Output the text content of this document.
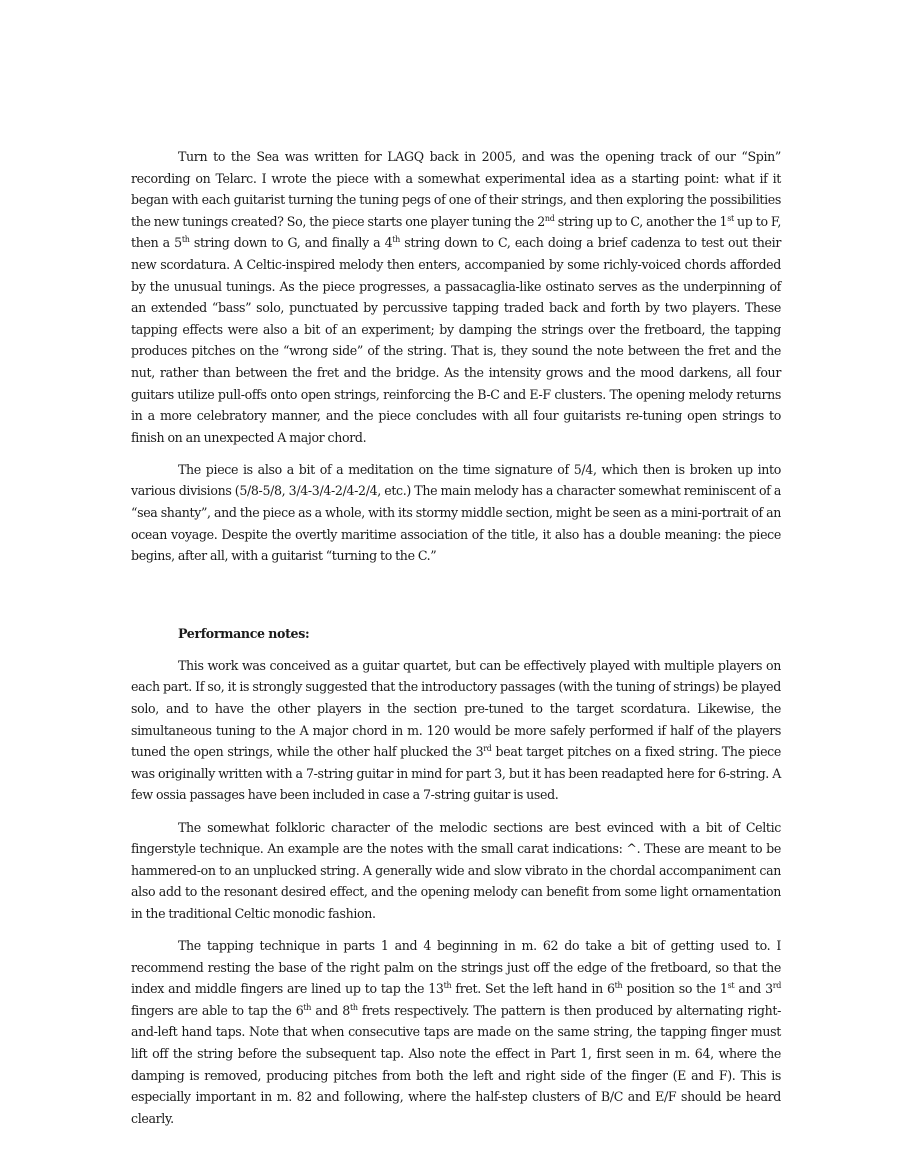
Turn to the Sea was written for LAGQ back in 2005, and was the opening track of our “Spin” recording on Telarc. I wrote the piece with a somewhat experimental idea as a starting point: what if it began with each guitarist turning the tuning pegs of one of their strings, and then exploring the possibilities the new tunings created? So, the piece starts one player tuning the 2nd string up to C, another the 1st up to F, then a 5th string down to G, and finally a 4th string down to C, each doing a brief cadenza to test out their new scordatura. A Celtic-inspired melody then enters, accompanied by some richly-voiced chords afforded by the unusual tunings. As the piece progresses, a passacaglia-like ostinato serves as the underpinning of an extended “bass” solo, punctuated by percussive tapping traded back and forth by two players. These tapping effects were also a bit of an experiment; by damping the strings over the fretboard, the tapping produces pitches on the “wrong side” of the string. That is, they sound the note between the fret and the nut, rather than between the fret and the bridge. As the intensity grows and the mood darkens, all four guitars utilize pull-offs onto open strings, reinforcing the B-C and E-F clusters. The opening melody returns in a more celebratory manner, and the piece concludes with all four guitarists re-tuning open strings to finish on an unexpected A major chord.

The piece is also a bit of a meditation on the time signature of 5/4, which then is broken up into various divisions (5/8-5/8, 3/4-3/4-2/4-2/4, etc.) The main melody has a character somewhat reminiscent of a “sea shanty”, and the piece as a whole, with its stormy middle section, might be seen as a mini-portrait of an ocean voyage. Despite the overtly maritime association of the title, it also has a double meaning: the piece begins, after all, with a guitarist “turning to the C.”

Performance notes:

This work was conceived as a guitar quartet, but can be effectively played with multiple players on each part. If so, it is strongly suggested that the introductory passages (with the tuning of strings) be played solo, and to have the other players in the section pre-tuned to the target scordatura. Likewise, the simultaneous tuning to the A major chord in m. 120 would be more safely performed if half of the players tuned the open strings, while the other half plucked the 3rd beat target pitches on a fixed string. The piece was originally written with a 7-string guitar in mind for part 3, but it has been readapted here for 6-string. A few ossia passages have been included in case a 7-string guitar is used.

The somewhat folkloric character of the melodic sections are best evinced with a bit of Celtic fingerstyle technique. An example are the notes with the small carat indications: ^. These are meant to be hammered-on to an unplucked string. A generally wide and slow vibrato in the chordal accompaniment can also add to the resonant desired effect, and the opening melody can benefit from some light ornamentation in the traditional Celtic monodic fashion.

The tapping technique in parts 1 and 4 beginning in m. 62 do take a bit of getting used to. I recommend resting the base of the right palm on the strings just off the edge of the fretboard, so that the index and middle fingers are lined up to tap the 13th fret. Set the left hand in 6th position so the 1st and 3rd fingers are able to tap the 6th and 8th frets respectively. The pattern is then produced by alternating right-and-left hand taps. Note that when consecutive taps are made on the same string, the tapping finger must lift off the string before the subsequent tap. Also note the effect in Part 1, first seen in m. 64, where the damping is removed, producing pitches from both the left and right side of the finger (E and F). This is especially important in m. 82 and following, where the half-step clusters of B/C and E/F should be heard clearly.
